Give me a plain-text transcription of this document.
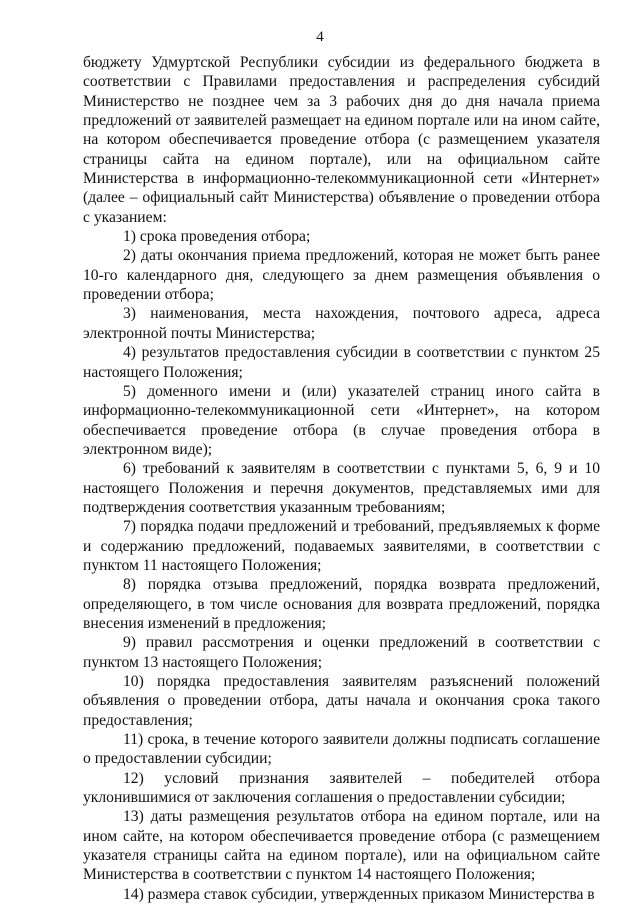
4

бюджету Удмуртской Республики субсидии из федерального бюджета в соответствии с Правилами предоставления и распределения субсидий Министерство не позднее чем за 3 рабочих дня до дня начала приема предложений от заявителей размещает на едином портале или на ином сайте, на котором обеспечивается проведение отбора (с размещением указателя страницы сайта на едином портале), или на официальном сайте Министерства в информационно-телекоммуникационной сети «Интернет» (далее – официальный сайт Министерства) объявление о проведении отбора с указанием:

1) срока проведения отбора;

2) даты окончания приема предложений, которая не может быть ранее 10-го календарного дня, следующего за днем размещения объявления о проведении отбора;

3) наименования, места нахождения, почтового адреса, адреса электронной почты Министерства;

4) результатов предоставления субсидии в соответствии с пунктом 25 настоящего Положения;

5) доменного имени и (или) указателей страниц иного сайта в информационно-телекоммуникационной сети «Интернет», на котором обеспечивается проведение отбора (в случае проведения отбора в электронном виде);

6) требований к заявителям в соответствии с пунктами 5, 6, 9 и 10 настоящего Положения и перечня документов, представляемых ими для подтверждения соответствия указанным требованиям;

7) порядка подачи предложений и требований, предъявляемых к форме и содержанию предложений, подаваемых заявителями, в соответствии с пунктом 11 настоящего Положения;

8) порядка отзыва предложений, порядка возврата предложений, определяющего, в том числе основания для возврата предложений, порядка внесения изменений в предложения;

9) правил рассмотрения и оценки предложений в соответствии с пунктом 13 настоящего Положения;

10) порядка предоставления заявителям разъяснений положений объявления о проведении отбора, даты начала и окончания срока такого предоставления;

11) срока, в течение которого заявители должны подписать соглашение о предоставлении субсидии;

12) условий признания заявителей – победителей отбора уклонившимися от заключения соглашения о предоставлении субсидии;

13) даты размещения результатов отбора на едином портале, или на ином сайте, на котором обеспечивается проведение отбора (с размещением указателя страницы сайта на едином портале), или на официальном сайте Министерства в соответствии с пунктом 14 настоящего Положения;

14) размера ставок субсидии, утвержденных приказом Министерства в
